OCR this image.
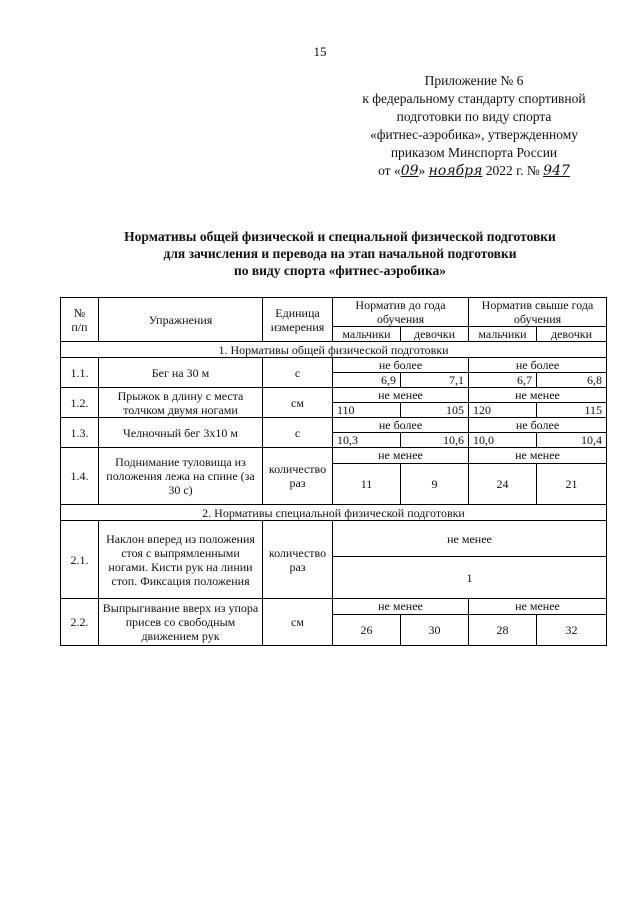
15
Приложение № 6
к федеральному стандарту спортивной
подготовки по виду спорта
«фитнес-аэробика», утвержденному
приказом Минспорта России
от «09» ноября 2022 г. № 947
Нормативы общей физической и специальной физической подготовки
для зачисления и перевода на этап начальной подготовки
по виду спорта «фитнес-аэробика»
№
п/п	Упражнения	Единица измерения	Норматив до года обучения		Норматив свыше года обучения	
			мальчики	девочки	мальчики	девочки
1. Нормативы общей физической подготовки						
1.1.	Бег на 30 м	с	не более		не более	
			6,9	7,1	6,7	6,8
1.2.	Прыжок в длину с места толчком двумя ногами	см	не менее		не менее	
			110	105	120	115
1.3.	Челночный бег 3х10 м	с	не более		не более	
			10,3	10,6	10,0	10,4
1.4.	Поднимание туловища из положения лежа на спине (за 30 с)	количество раз	не менее		не менее	
			11	9	24	21
2. Нормативы специальной физической подготовки						
2.1.	Наклон вперед из положения стоя с выпрямленными ногами. Кисти рук на линии стоп. Фиксация положения	количество раз	не менее			
			1			
2.2.	Выпрыгивание вверх из упора присев со свободным движением рук	см	не менее		не менее	
			26	30	28	32
